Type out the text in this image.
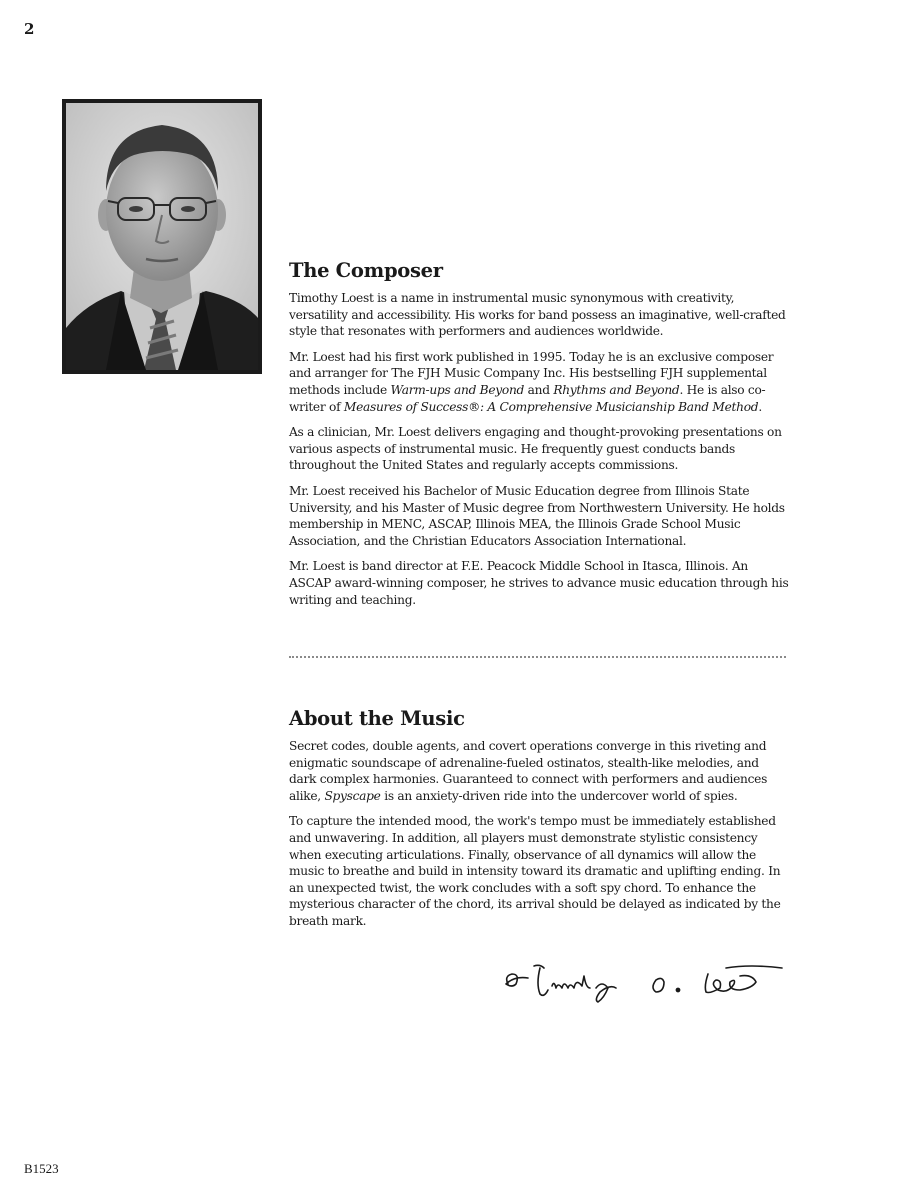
2
The Composer

Timothy Loest is a name in instrumental music synonymous with creativity, versatility and accessibility. His works for band possess an imaginative, well-crafted style that resonates with performers and audiences worldwide.

Mr. Loest had his first work published in 1995. Today he is an exclusive composer and arranger for The FJH Music Company Inc. His bestselling FJH supplemental methods include Warm-ups and Beyond and Rhythms and Beyond. He is also co-writer of Measures of Success®: A Comprehensive Musicianship Band Method.

As a clinician, Mr. Loest delivers engaging and thought-provoking presentations on various aspects of instrumental music. He frequently guest conducts bands throughout the United States and regularly accepts commissions.

Mr. Loest received his Bachelor of Music Education degree from Illinois State University, and his Master of Music degree from Northwestern University. He holds membership in MENC, ASCAP, Illinois MEA, the Illinois Grade School Music Association, and the Christian Educators Association International.

Mr. Loest is band director at F.E. Peacock Middle School in Itasca, Illinois. An ASCAP award-winning composer, he strives to advance music education through his writing and teaching.

About the Music

Secret codes, double agents, and covert operations converge in this riveting and enigmatic soundscape of adrenaline-fueled ostinatos, stealth-like melodies, and dark complex harmonies. Guaranteed to connect with performers and audiences alike, Spyscape is an anxiety-driven ride into the undercover world of spies.

To capture the intended mood, the work's tempo must be immediately established and unwavering. In addition, all players must demonstrate stylistic consistency when executing articulations. Finally, observance of all dynamics will allow the music to breathe and build in intensity toward its dramatic and uplifting ending. In an unexpected twist, the work concludes with a soft spy chord. To enhance the mysterious character of the chord, its arrival should be delayed as indicated by the breath mark.

B1523
